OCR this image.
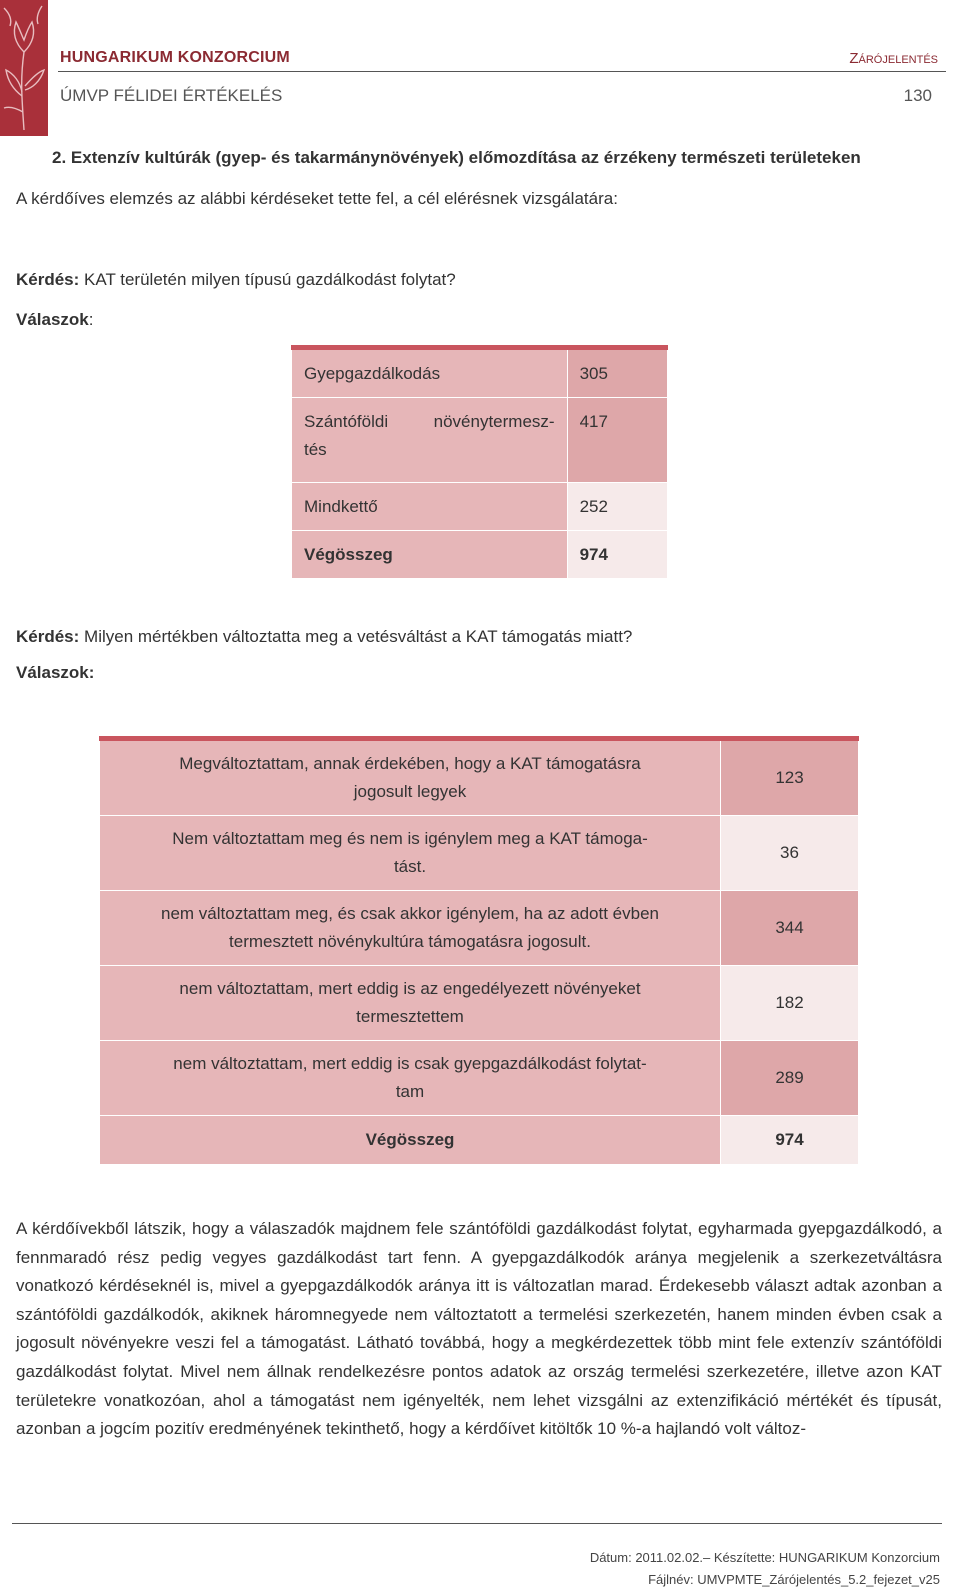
HUNGARIKUM KONZORCIUM	Zárójelentés
ÚMVP FÉLIDEI ÉRTÉKELÉS	130

2. Extenzív kultúrák (gyep- és takarmánynövények) előmozdítása az érzékeny természeti területeken

A kérdőíves elemzés az alábbi kérdéseket tette fel, a cél elérésnek vizsgálatára:

Kérdés: KAT területén milyen típusú gazdálkodást folytat?

Válaszok:

Gyepgazdálkodás	305

Szántóföldi növénytermesz-
tés	417
Mindkettő	252
Végösszeg	974

Kérdés: Milyen mértékben változtatta meg a vetésváltást a KAT támogatás miatt?

Válaszok:

Megváltoztattam, annak érdekében, hogy a KAT támogatásra
jogosult legyek	123

Nem változtattam meg és nem is igénylem meg a KAT támoga-
tást.	36

nem változtattam meg, és csak akkor igénylem, ha az adott évben
termesztett növénykultúra támogatásra jogosult.	344

nem változtattam, mert eddig is az engedélyezett növényeket
termesztettem	182

nem változtattam, mert eddig is csak gyepgazdálkodást folytat-
tam	289
Végösszeg	974

A kérdőívekből látszik, hogy a válaszadók majdnem fele szántóföldi gazdálkodást folytat, egyharmada gyepgazdálkodó, a fennmaradó rész pedig vegyes gazdálkodást tart fenn. A gyepgazdálkodók aránya megjelenik a szerkezetváltásra vonatkozó kérdéseknél is, mivel a gyepgazdálkodók aránya itt is változatlan marad. Érdekesebb választ adtak azonban a szántóföldi gazdálkodók, akiknek háromnegyede nem változtatott a termelési szerkezetén, hanem minden évben csak a jogosult növényekre veszi fel a támogatást. Látható továbbá, hogy a megkérdezettek több mint fele extenzív szántóföldi gazdálkodást folytat. Mivel nem állnak rendelkezésre pontos adatok az ország termelési szerkezetére, illetve azon KAT területekre vonatkozóan, ahol a támogatást nem igényelték, nem lehet vizsgálni az extenzifikáció mértékét és típusát, azonban a jogcím pozitív eredményének tekinthető, hogy a kérdőívet kitöltők 10 %-a hajlandó volt változ-

Dátum: 2011.02.02.– Készítette: HUNGARIKUM Konzorcium
Fájlnév: UMVPMTE_Zárójelentés_5.2_fejezet_v25
